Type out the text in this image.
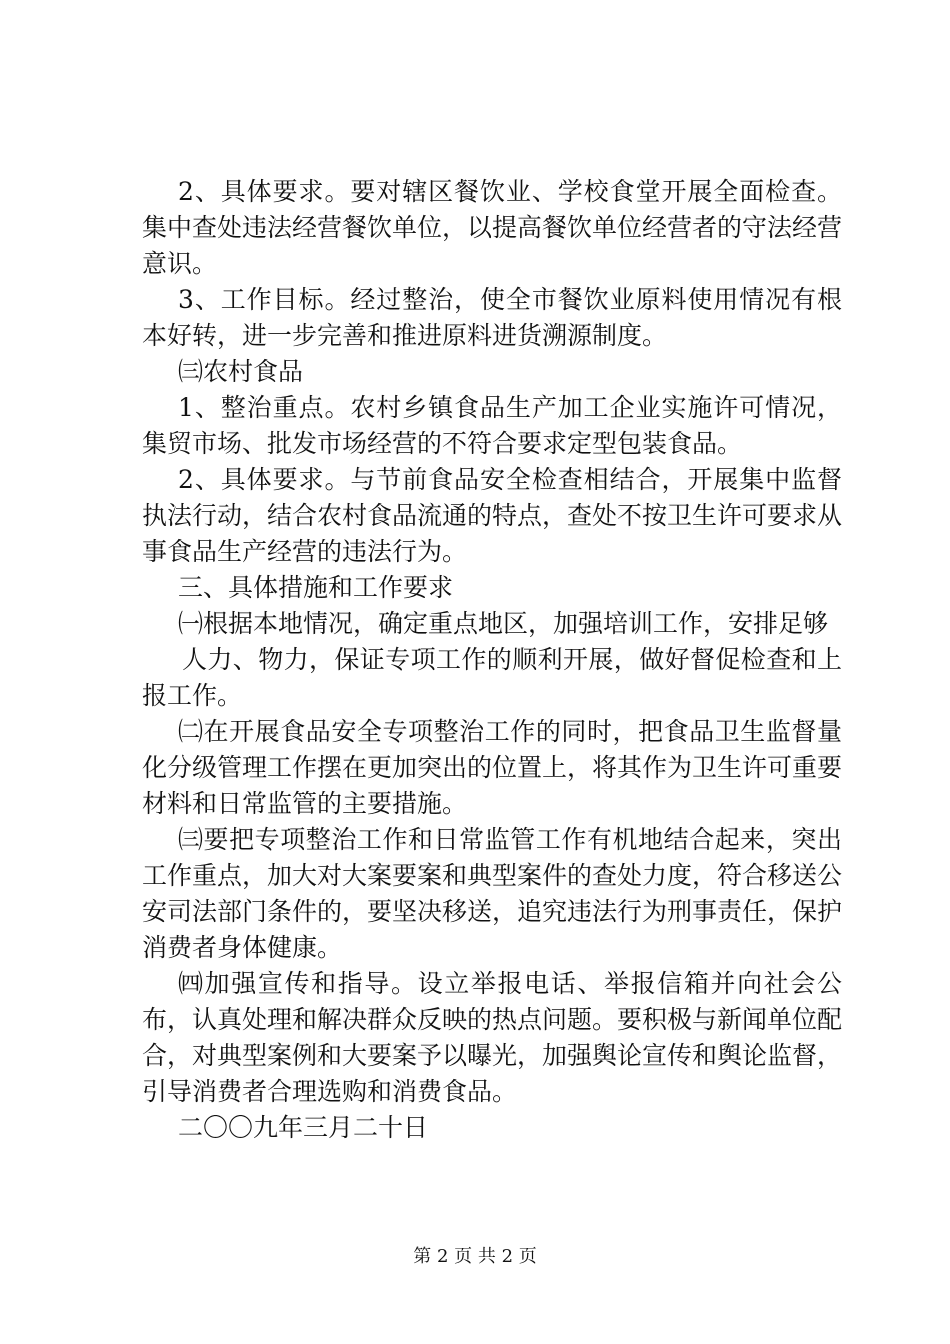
2、具体要求。要对辖区餐饮业、学校食堂开展全面检查。集中查处违法经营餐饮单位，以提高餐饮单位经营者的守法经营意识。

3、工作目标。经过整治，使全市餐饮业原料使用情况有根本好转，进一步完善和推进原料进货溯源制度。

㈢农村食品

1、整治重点。农村乡镇食品生产加工企业实施许可情况，集贸市场、批发市场经营的不符合要求定型包装食品。

2、具体要求。与节前食品安全检查相结合，开展集中监督执法行动，结合农村食品流通的特点，查处不按卫生许可要求从事食品生产经营的违法行为。

三、具体措施和工作要求

㈠根据本地情况，确定重点地区，加强培训工作，安排足够

人力、物力，保证专项工作的顺利开展，做好督促检查和上报工作。

㈡在开展食品安全专项整治工作的同时，把食品卫生监督量化分级管理工作摆在更加突出的位置上，将其作为卫生许可重要材料和日常监管的主要措施。

㈢要把专项整治工作和日常监管工作有机地结合起来，突出工作重点，加大对大案要案和典型案件的查处力度，符合移送公安司法部门条件的，要坚决移送，追究违法行为刑事责任，保护消费者身体健康。

㈣加强宣传和指导。设立举报电话、举报信箱并向社会公布，认真处理和解决群众反映的热点问题。要积极与新闻单位配合，对典型案例和大要案予以曝光，加强舆论宣传和舆论监督，引导消费者合理选购和消费食品。

二〇〇九年三月二十日

第 2 页 共 2 页
